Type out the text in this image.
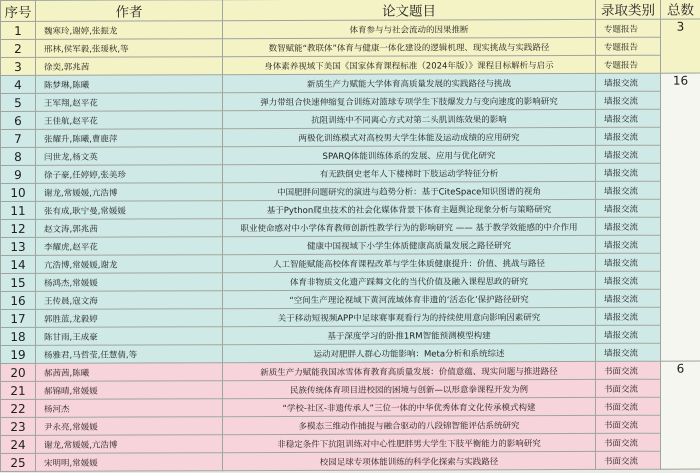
序号	作者	论文题目	录取类别	总数
1	魏寒玲,谢婷,张振龙	体育参与与社会流动的因果推断	专题报告	3
2	邢林,侯军毅,张瑗秋,等	数智赋能“教联体”体育与健康一体化建设的逻辑机理、现实挑战与实践路径	专题报告	
3	徐奕,郭兆茜	身体素养视域下美国《国家体育课程标准（2024年版）》课程目标解析与启示	专题报告	
4	陈梦琳,陈曦	新质生产力赋能大学体育高质量发展的实践路径与挑战	墙报交流	16
5	王军翔,赵平花	弹力带组合快速伸缩复合训练对篮球专项学生下肢爆发力与变向速度的影响研究	墙报交流	
6	王佳航,赵平花	抗阻训练中不同离心方式对第二头肌训练效果的影响	墙报交流	
7	张耀升,陈曦,曹鹿萍	两极化训练模式对高校男大学生体能及运动成绩的应用研究	墙报交流	
8	闫世龙,杨文英	SPARQ体能训练体系的发展、应用与优化研究	墙报交流	
9	徐子豪,任婷婷,张美珍	有无跌倒史老年人下楼梯时下肢运动学特征分析	墙报交流	
10	谢龙,常媛媛,亢浩博	中国肥胖问题研究的演进与趋势分析：基于CiteSpace知识图谱的视角	墙报交流	
11	张有成,耿宁曼,常媛媛	基于Python爬虫技术的社会化媒体背景下体育主题舆论现象分析与策略研究	墙报交流	
12	赵文涛,郭兆茜	职业使命感对中小学体育教师创新性教学行为的影响研究 —— 基于教学效能感的中介作用	墙报交流	
13	李耀虎,赵平花	健康中国视域下小学生体质健康高质量发展之路径研究	墙报交流	
14	亢浩博,常媛媛,谢龙	人工智能赋能高校体育课程改革与学生体质健康提升：价值、挑战与路径	墙报交流	
15	杨鸿杰,常媛媛	体育非物质文化遗产踩舞文化的当代价值及融入课程思政的研究	墙报交流	
16	王传晨,寇文海	“空间生产理论视域下黄河流域体育非遗的‘活态化’保护路径研究	墙报交流	
17	郭胜蓝,龙毅婷	关于移动短视频APP中足球赛事观看行为的持续使用意向影响因素研究	墙报交流	
18	陈甘雨,王成豪	基于深度学习的卧推1RM智能预测模型构建	墙报交流	
19	杨雅君,马哲莹,任慧倩,等	运动对肥胖人群心功能影响：Meta分析和系统综述	墙报交流	
20	郝茜茜,陈曦	新质生产力赋能我国冰雪体育教育高质量发展：价值意蕴、现实问题与推进路径	书面交流	6
21	郝锦晴,常媛媛	民族传统体育项目进校园的困境与创新—以形意拳课程开发为例	书面交流	
22	杨河杰	“学校-社区-非遗传承人”三位一体的中华优秀体育文化传承模式构建	书面交流	
23	尹永亮,常媛媛	多模态三维动作捕捉与融合驱动的八段锦智能评估系统研究	书面交流	
24	谢龙,常媛媛,亢浩博	非稳定条件下抗阻训练对中心性肥胖男大学生下肢平衡能力的影响研究	书面交流	
25	宋明明,常媛媛	校园足球专项体能训练的科学化探索与实践路径	书面交流	
